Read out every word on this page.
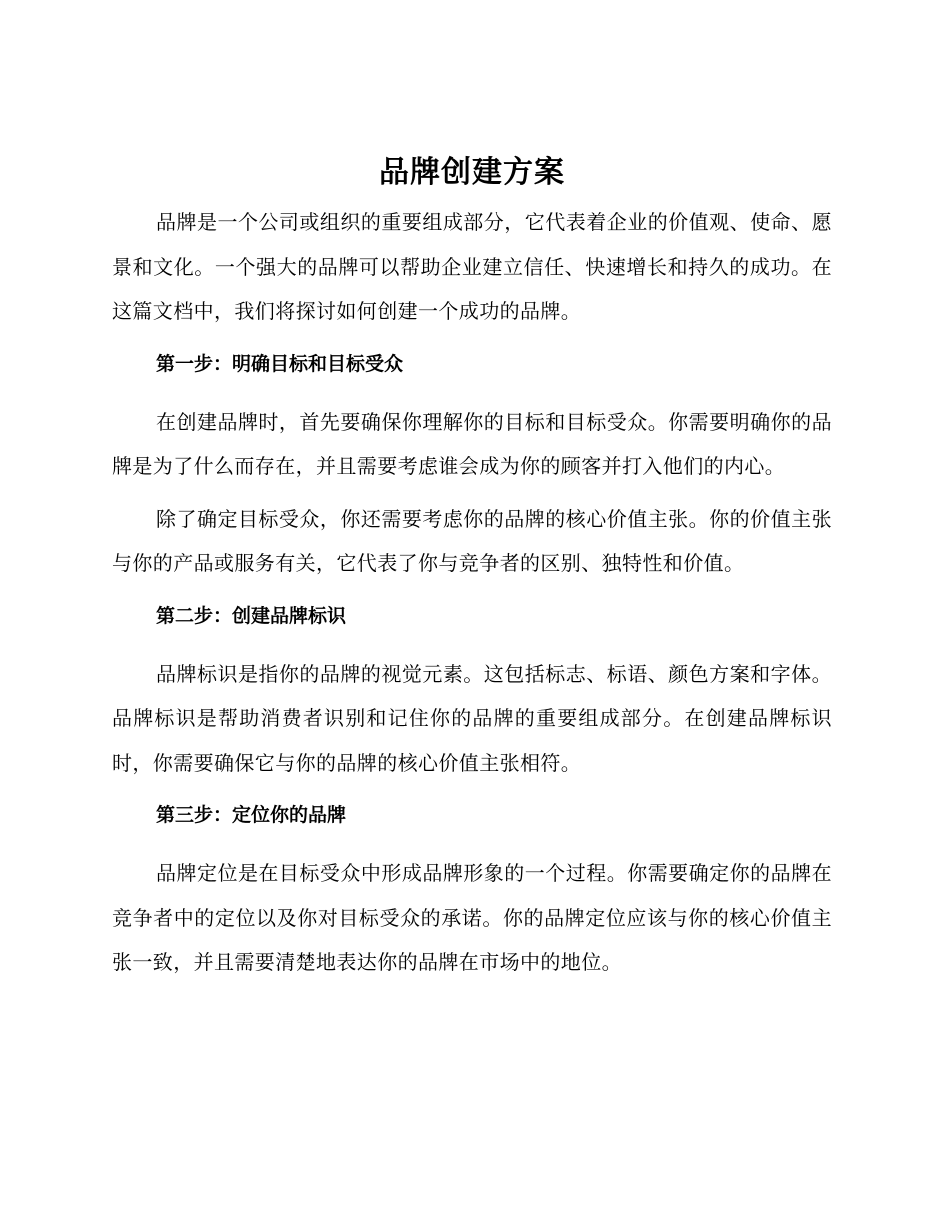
品牌创建方案

品牌是一个公司或组织的重要组成部分，它代表着企业的价值观、使命、愿景和文化。一个强大的品牌可以帮助企业建立信任、快速增长和持久的成功。在这篇文档中，我们将探讨如何创建一个成功的品牌。

第一步：明确目标和目标受众

在创建品牌时，首先要确保你理解你的目标和目标受众。你需要明确你的品牌是为了什么而存在，并且需要考虑谁会成为你的顾客并打入他们的内心。

除了确定目标受众，你还需要考虑你的品牌的核心价值主张。你的价值主张与你的产品或服务有关，它代表了你与竞争者的区别、独特性和价值。

第二步：创建品牌标识

品牌标识是指你的品牌的视觉元素。这包括标志、标语、颜色方案和字体。品牌标识是帮助消费者识别和记住你的品牌的重要组成部分。在创建品牌标识时，你需要确保它与你的品牌的核心价值主张相符。

第三步：定位你的品牌

品牌定位是在目标受众中形成品牌形象的一个过程。你需要确定你的品牌在竞争者中的定位以及你对目标受众的承诺。你的品牌定位应该与你的核心价值主张一致，并且需要清楚地表达你的品牌在市场中的地位。
